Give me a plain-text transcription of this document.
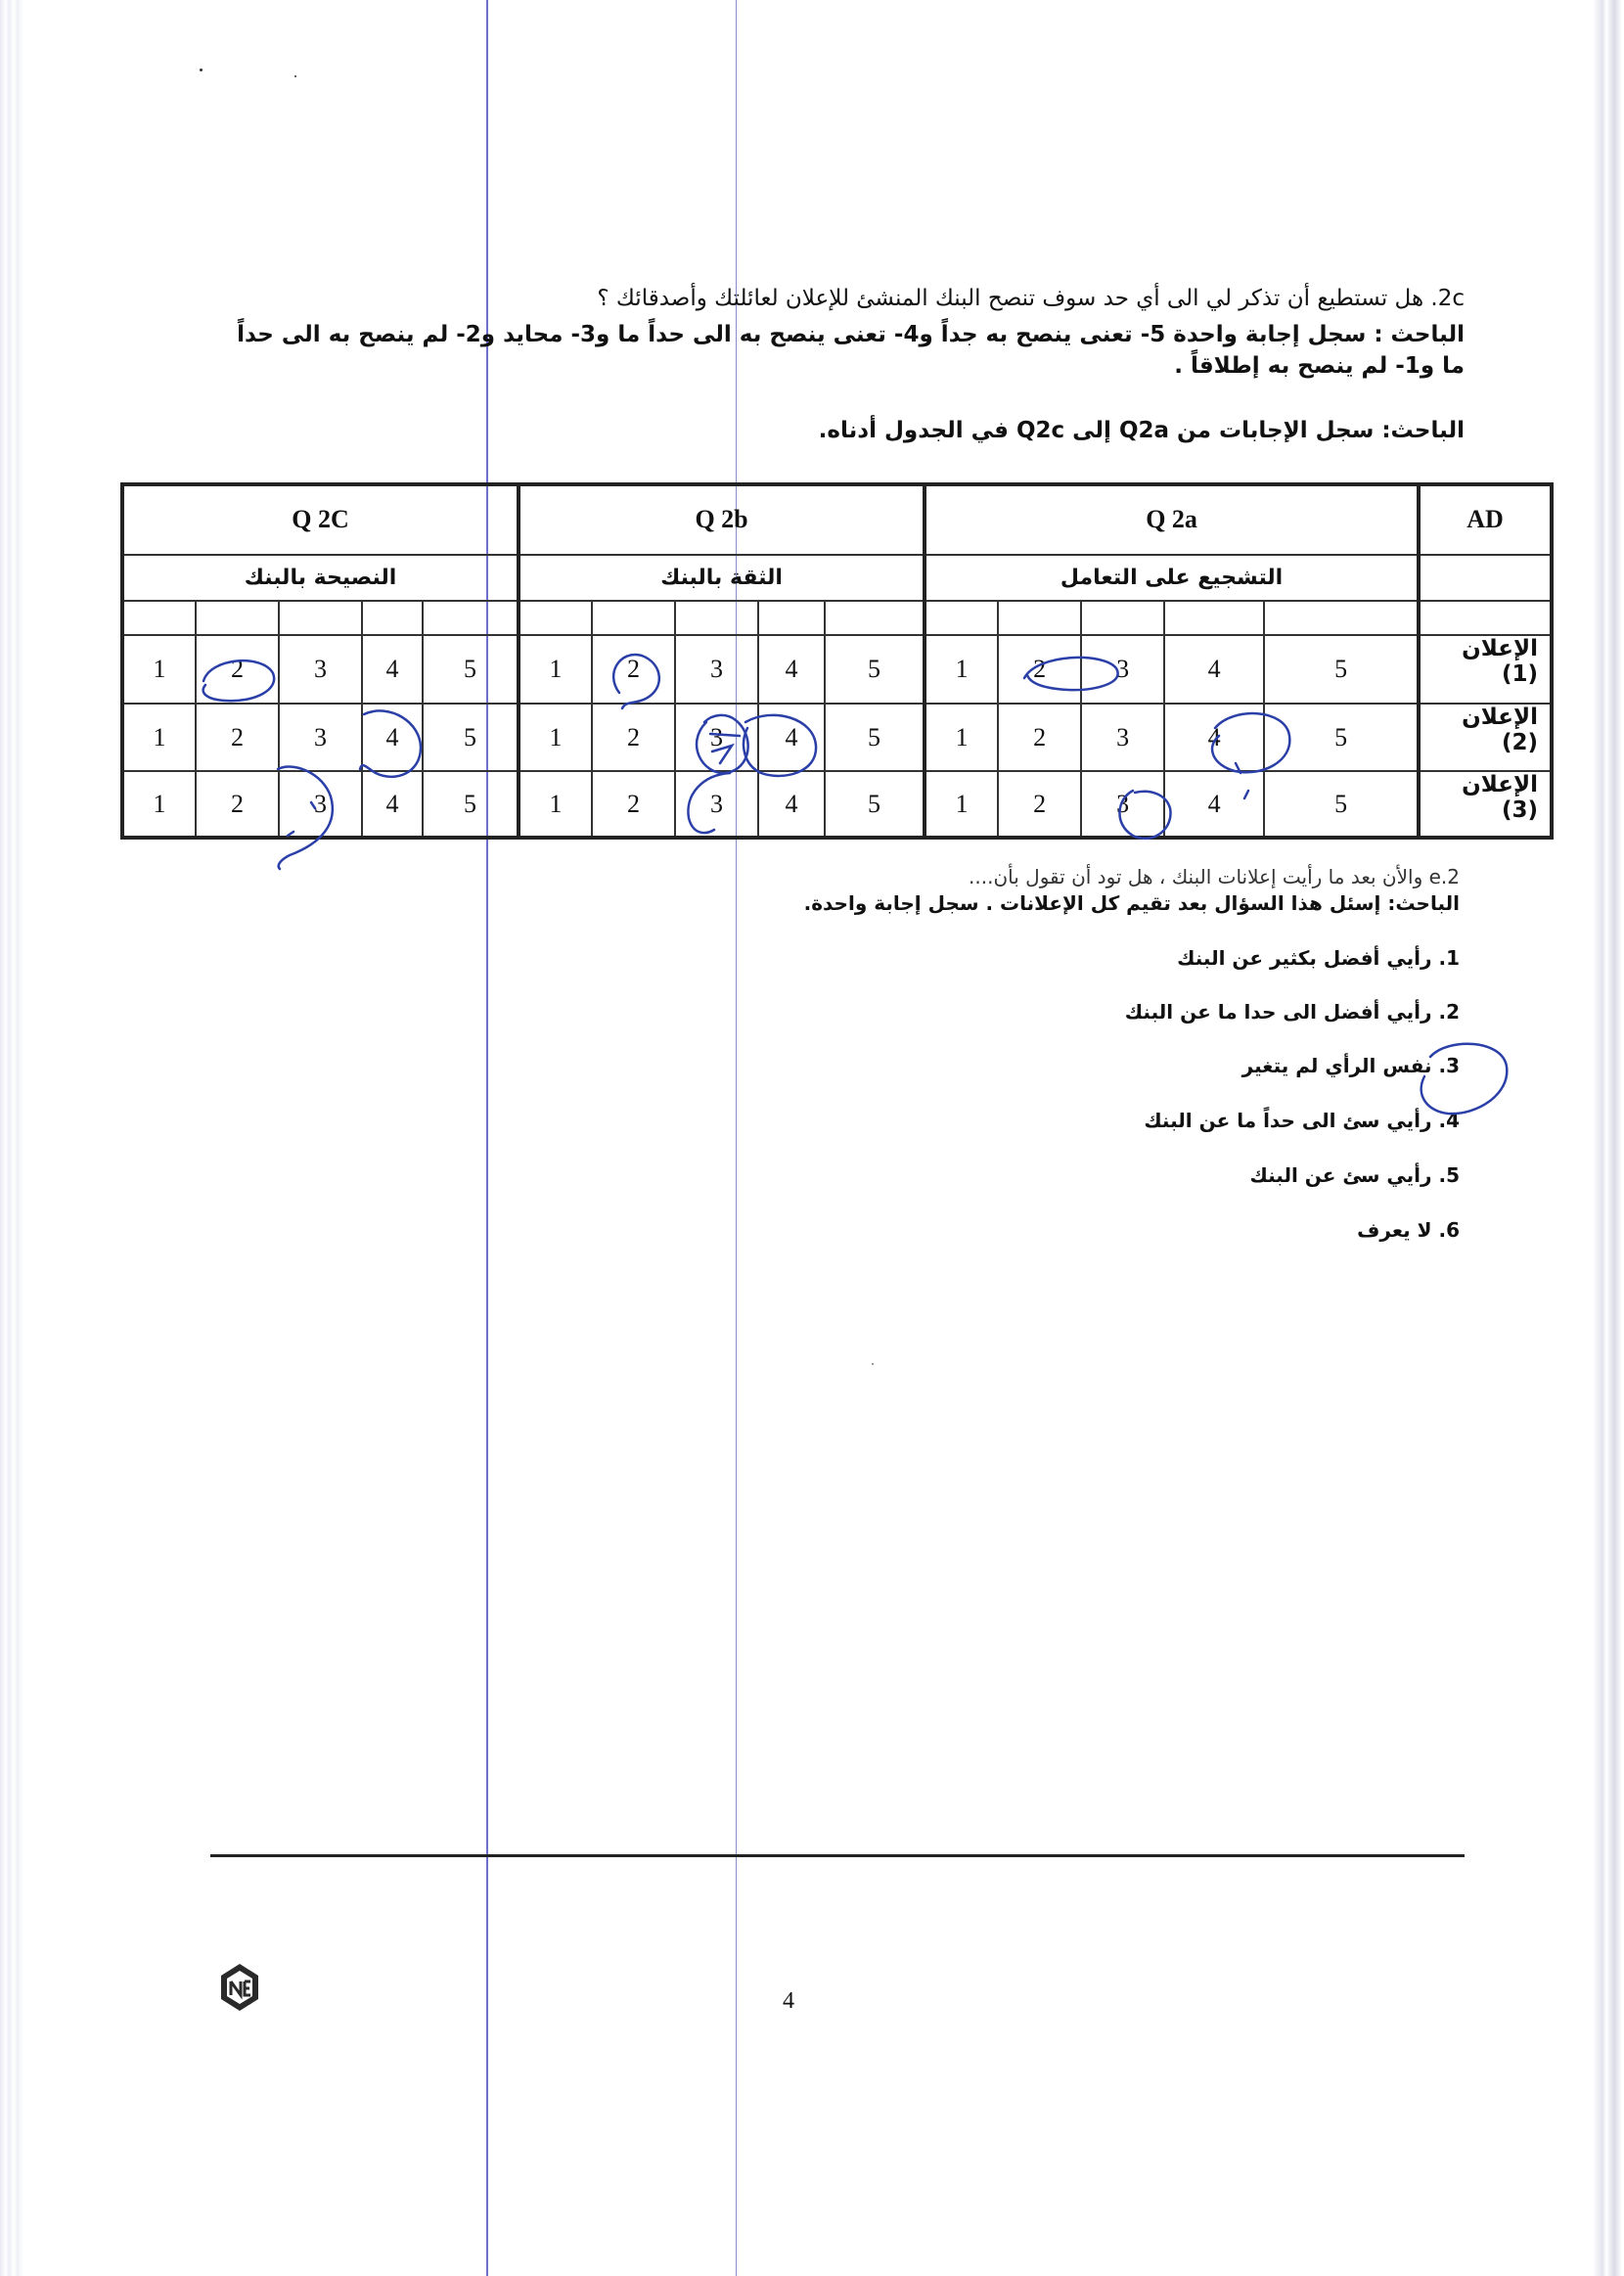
2c. هل تستطيع أن تذكر لي الى أي حد سوف تنصح البنك المنشئ للإعلان لعائلتك وأصدقائك ؟
الباحث : سجل إجابة واحدة 5- تعنى ينصح به جداً و4- تعنى ينصح به الى حداً ما و3- محايد و2- لم ينصح به الى حداً ما و1- لم ينصح به إطلاقاً .
الباحث: سجل الإجابات من Q2a إلى Q2c في الجدول أدناه.
Q 2C					Q 2b					Q 2a					AD
النصيحة بالبنك					الثقة بالبنك					التشجيع على التعامل					

1	2	3	4	5	1	2	3	4	5	1	2	3	4	5	الإعلان (1)
1	2	3	4	5	1	2	3	4	5	1	2	3	4	5	الإعلان (2)
1	2	3	4	5	1	2	3	4	5	1	2	3	4	5	الإعلان (3)
2.e والأن بعد ما رأيت إعلانات البنك ، هل تود أن تقول بأن....
الباحث: إسئل هذا السؤال بعد تقيم كل الإعلانات . سجل إجابة واحدة.
1. رأيي أفضل بكثير عن البنك
2. رأيي أفضل الى حدا ما عن البنك
3. نفس الرأي لم يتغير
4. رأيي سئ الى حداً ما عن البنك
5. رأيي سئ عن البنك
6. لا يعرف
4
